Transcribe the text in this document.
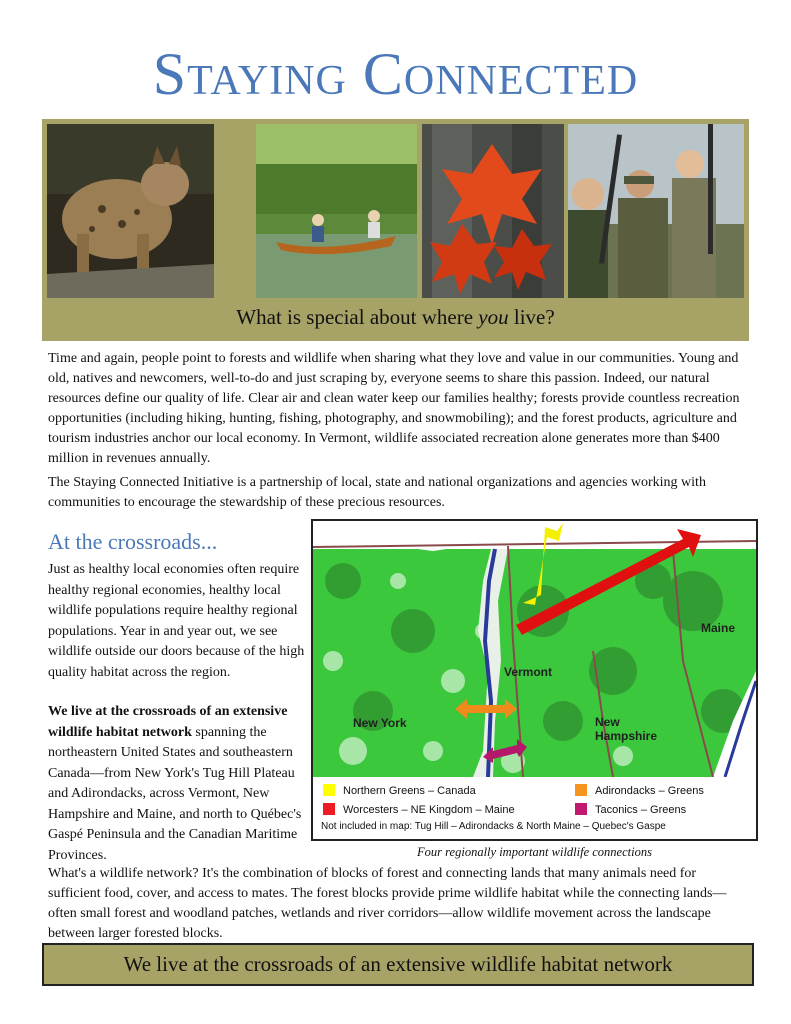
Staying Connected
What is special about where you live?

Time and again, people point to forests and wildlife when sharing what they love and value in our communities. Young and old, natives and newcomers, well-to-do and just scraping by, everyone seems to share this passion. Indeed, our natural resources define our quality of life. Clear air and clean water keep our families healthy; forests provide countless recreation opportunities (including hiking, hunting, fishing, photography, and snowmobiling); and the forest products, agriculture and tourism industries anchor our local economy. In Vermont, wildlife associated recreation alone generates more than $400 million in revenues annually.

The Staying Connected Initiative is a partnership of local, state and national organizations and agencies working with communities to encourage the stewardship of these precious resources.

At the crossroads...

Just as healthy local economies often require healthy regional economies, healthy local wildlife populations require healthy regional populations. Year in and year out, we see wildlife outside our doors because of the high quality habitat across the region.

We live at the crossroads of an extensive wildlife habitat network spanning the northeastern United States and southeastern Canada—from New York's Tug Hill Plateau and Adirondacks, across Vermont, New Hampshire and Maine, and north to Québec's Gaspé Peninsula and the Canadian Maritime Provinces.

Vermont
New York	New
Hampshire
Maine
Northern Greens – Canada	Adirondacks – Greens
Worcesters – NE Kingdom – Maine	Taconics – Greens
Not included in map: Tug Hill – Adirondacks & North Maine – Quebec's Gaspe
Four regionally important wildlife connections

What's a wildlife network? It's the combination of blocks of forest and connecting lands that many animals need for sufficient food, cover, and access to mates. The forest blocks provide prime wildlife habitat while the connecting lands—often small forest and woodland patches, wetlands and river corridors—allow wildlife movement across the landscape between larger forested blocks.

We live at the crossroads of an extensive wildlife habitat network
